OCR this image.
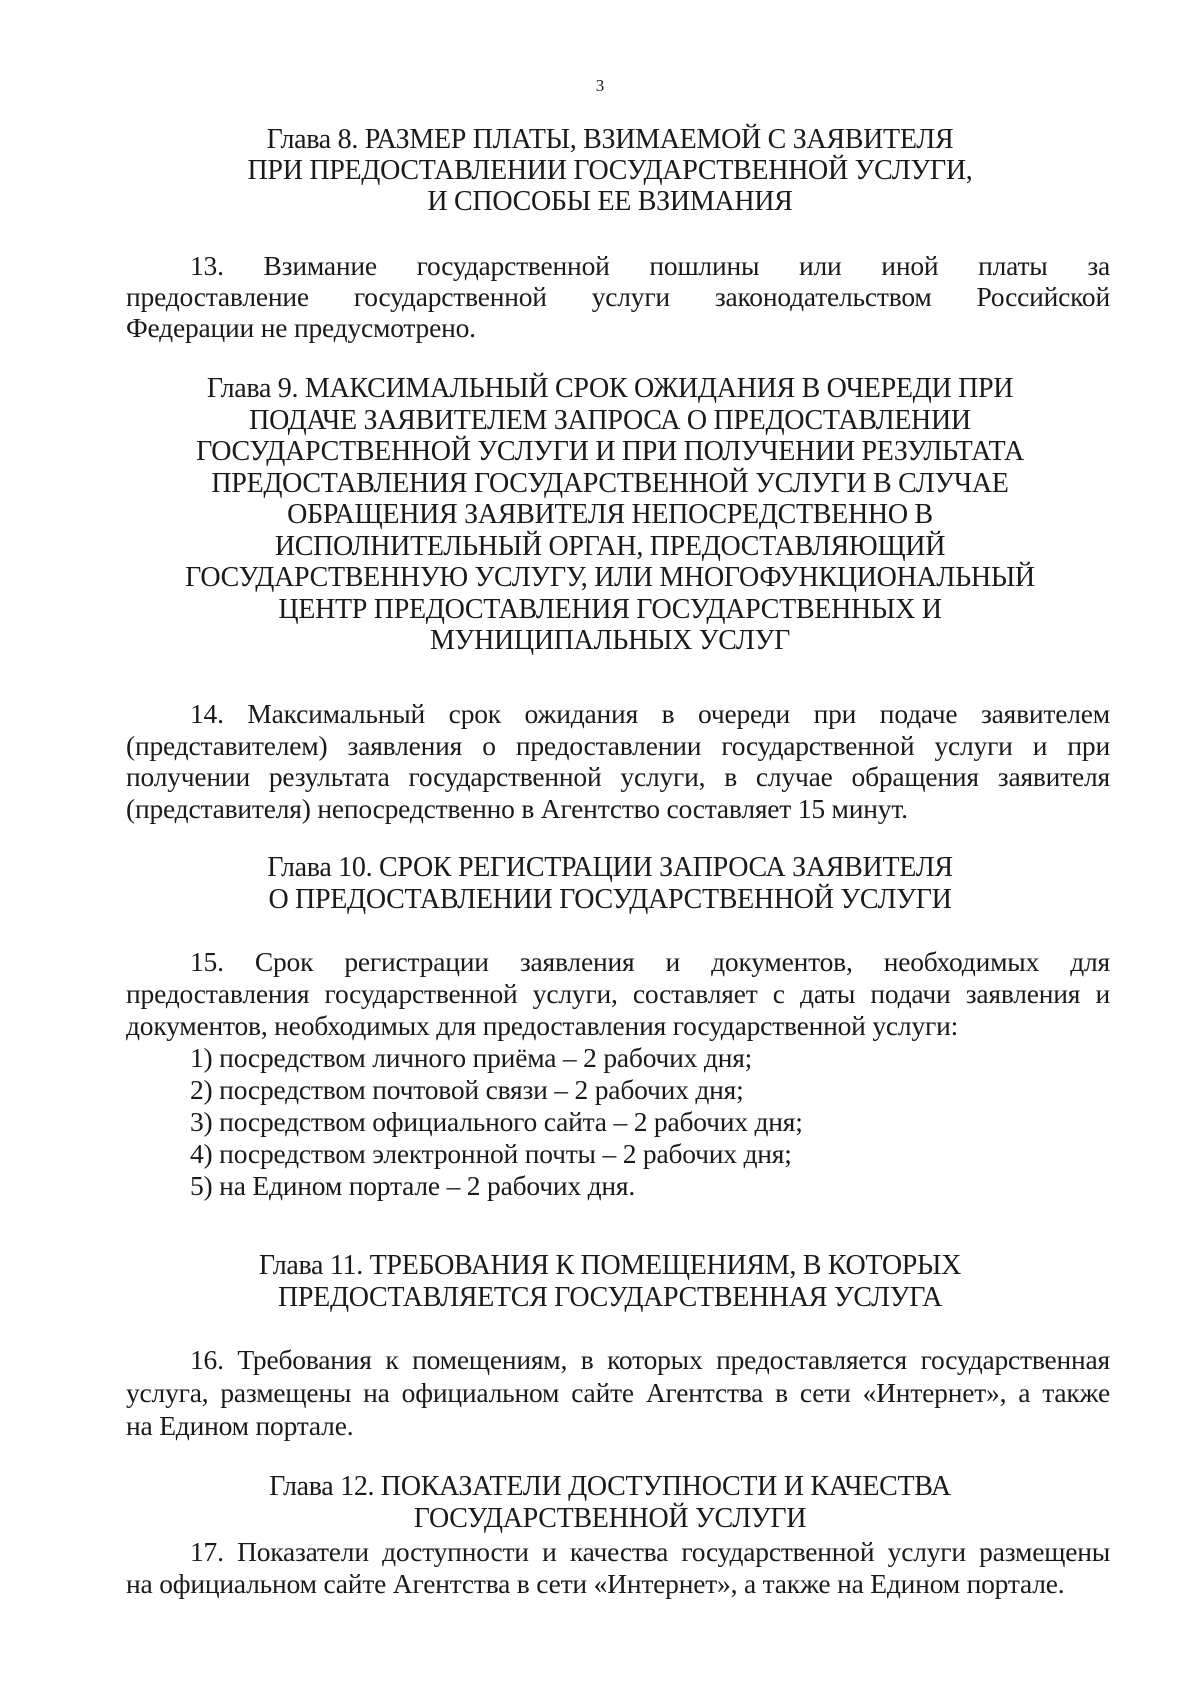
3
Глава 8. РАЗМЕР ПЛАТЫ, ВЗИМАЕМОЙ С ЗАЯВИТЕЛЯ
ПРИ ПРЕДОСТАВЛЕНИИ ГОСУДАРСТВЕННОЙ УСЛУГИ,
И СПОСОБЫ ЕЕ ВЗИМАНИЯ
13. Взимание государственной пошлины или иной платы за
предоставление государственной услуги законодательством Российской
Федерации не предусмотрено.
Глава 9. МАКСИМАЛЬНЫЙ СРОК ОЖИДАНИЯ В ОЧЕРЕДИ ПРИ
ПОДАЧЕ ЗАЯВИТЕЛЕМ ЗАПРОСА О ПРЕДОСТАВЛЕНИИ
ГОСУДАРСТВЕННОЙ УСЛУГИ И ПРИ ПОЛУЧЕНИИ РЕЗУЛЬТАТА
ПРЕДОСТАВЛЕНИЯ ГОСУДАРСТВЕННОЙ УСЛУГИ В СЛУЧАЕ
ОБРАЩЕНИЯ ЗАЯВИТЕЛЯ НЕПОСРЕДСТВЕННО В
ИСПОЛНИТЕЛЬНЫЙ ОРГАН, ПРЕДОСТАВЛЯЮЩИЙ
ГОСУДАРСТВЕННУЮ УСЛУГУ, ИЛИ МНОГОФУНКЦИОНАЛЬНЫЙ
ЦЕНТР ПРЕДОСТАВЛЕНИЯ ГОСУДАРСТВЕННЫХ И
МУНИЦИПАЛЬНЫХ УСЛУГ
14. Максимальный срок ожидания в очереди при подаче заявителем
(представителем) заявления о предоставлении государственной услуги и при
получении результата государственной услуги, в случае обращения заявителя
(представителя) непосредственно в Агентство составляет 15 минут.
Глава 10. СРОК РЕГИСТРАЦИИ ЗАПРОСА ЗАЯВИТЕЛЯ
О ПРЕДОСТАВЛЕНИИ ГОСУДАРСТВЕННОЙ УСЛУГИ
15. Срок регистрации заявления и документов, необходимых для
предоставления государственной услуги, составляет с даты подачи заявления и
документов, необходимых для предоставления государственной услуги:
1) посредством личного приёма – 2 рабочих дня;
2) посредством почтовой связи – 2 рабочих дня;
3) посредством официального сайта – 2 рабочих дня;
4) посредством электронной почты – 2 рабочих дня;
5) на Едином портале – 2 рабочих дня.
Глава 11. ТРЕБОВАНИЯ К ПОМЕЩЕНИЯМ, В КОТОРЫХ
ПРЕДОСТАВЛЯЕТСЯ ГОСУДАРСТВЕННАЯ УСЛУГА
16. Требования к помещениям, в которых предоставляется государственная
услуга, размещены на официальном сайте Агентства в сети «Интернет», а также
на Едином портале.
Глава 12. ПОКАЗАТЕЛИ ДОСТУПНОСТИ И КАЧЕСТВА
ГОСУДАРСТВЕННОЙ УСЛУГИ
17. Показатели доступности и качества государственной услуги размещены
на официальном сайте Агентства в сети «Интернет», а также на Едином портале.
